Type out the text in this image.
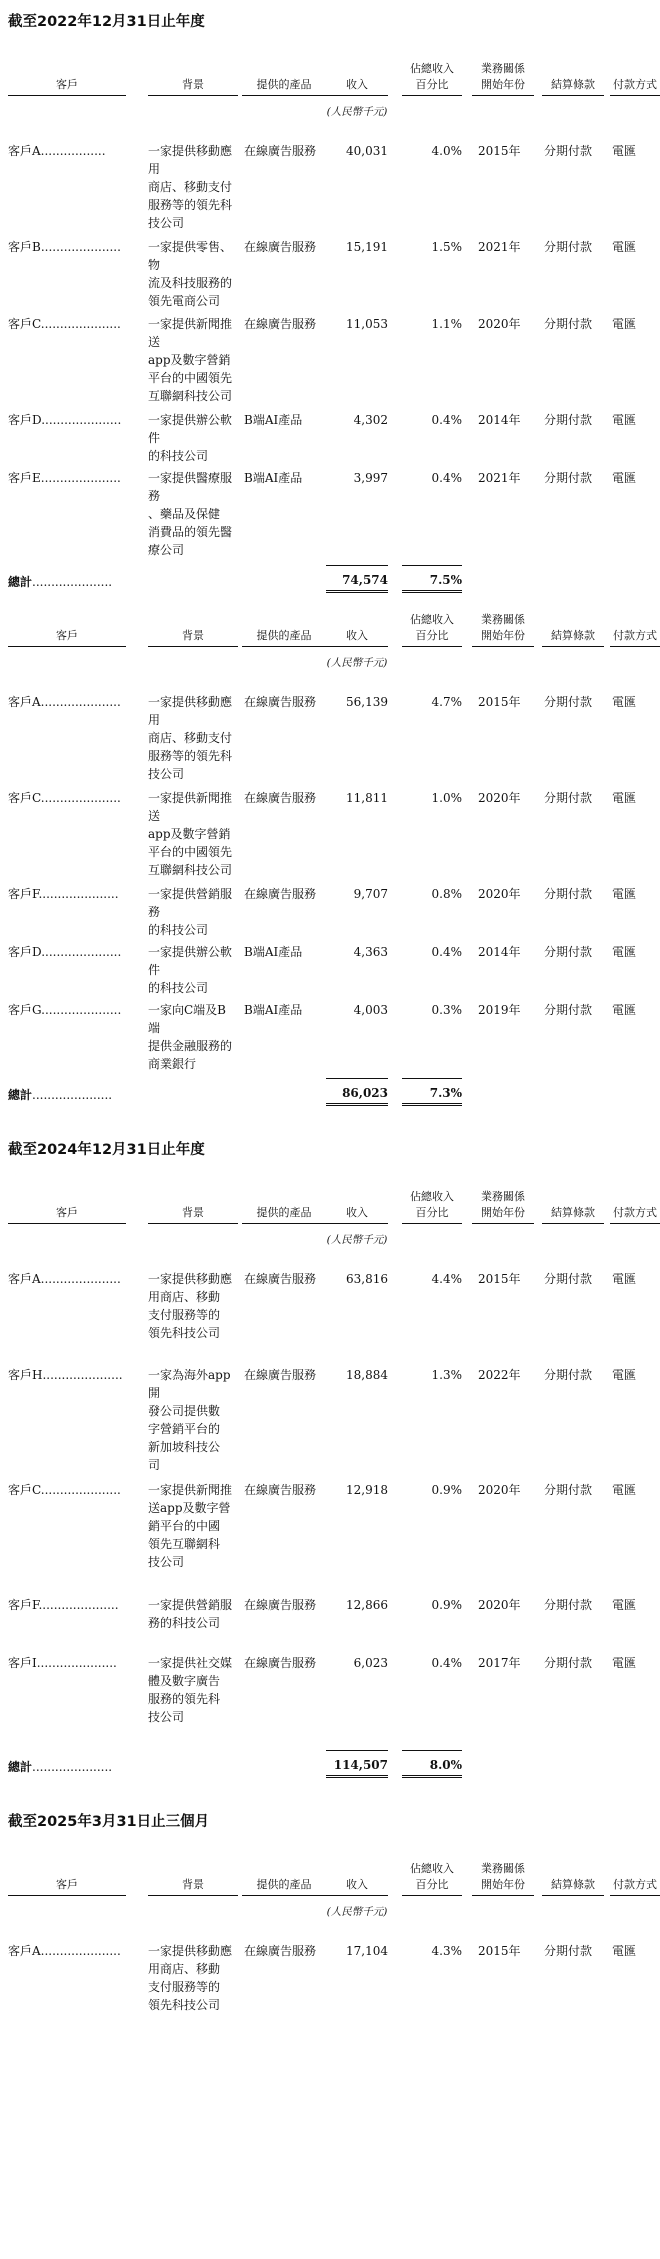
截至2022年12月31日止年度
客戶	背景	提供的產品	收入
佔總收入
百分比
業務關係
開始年份	結算條款	付款方式
(人民幣千元)
客戶A.................	一家提供移動應用
商店、移動支付
服務等的領先科
技公司
在線廣告服務	40,031	4.0% 2015年	分期付款	電匯
客戶B.....................	一家提供零售、物
流及科技服務的
領先電商公司
在線廣告服務	15,191	1.5% 2021年	分期付款	電匯
客戶C.....................	一家提供新聞推送
app及數字營銷
平台的中國領先
互聯網科技公司
在線廣告服務	11,053	1.1% 2020年	分期付款	電匯
客戶D.....................	一家提供辦公軟件
的科技公司
B端AI產品	4,302	0.4% 2014年	分期付款	電匯
客戶E.....................	一家提供醫療服務
、藥品及保健
消費品的領先醫
療公司
B端AI產品	3,997	0.4% 2021年	分期付款	電匯
總計.....................	74,574	7.5%
客戶	背景	提供的產品	收入
佔總收入
百分比
業務關係
開始年份	結算條款	付款方式
(人民幣千元)
客戶A.....................	一家提供移動應用
商店、移動支付
服務等的領先科
技公司
在線廣告服務	56,139	4.7% 2015年	分期付款	電匯
客戶C.....................	一家提供新聞推送
app及數字營銷
平台的中國領先
互聯網科技公司
在線廣告服務	11,811	1.0% 2020年	分期付款	電匯
客戶F.....................	一家提供營銷服務
的科技公司
在線廣告服務	9,707	0.8% 2020年	分期付款	電匯
客戶D.....................	一家提供辦公軟件
的科技公司
B端AI產品	4,363	0.4% 2014年	分期付款	電匯
客戶G.....................	一家向C端及B端
提供金融服務的
商業銀行
B端AI產品	4,003	0.3% 2019年	分期付款	電匯
總計.....................	86,023	7.3%
截至2024年12月31日止年度
客戶	背景	提供的產品	收入
佔總收入
百分比
業務關係
開始年份	結算條款	付款方式
(人民幣千元)
客戶A.....................	一家提供移動應
用商店、移動
支付服務等的
領先科技公司
在線廣告服務	63,816	4.4% 2015年	分期付款	電匯
客戶H.....................	一家為海外app開
發公司提供數
字營銷平台的
新加坡科技公
司
在線廣告服務	18,884	1.3% 2022年	分期付款	電匯
客戶C.....................	一家提供新聞推
送app及數字營
銷平台的中國
領先互聯網科
技公司
在線廣告服務	12,918	0.9% 2020年	分期付款	電匯
客戶F.....................	一家提供營銷服
務的科技公司
在線廣告服務	12,866	0.9% 2020年	分期付款	電匯
客戶I.....................	一家提供社交媒
體及數字廣告
服務的領先科
技公司
在線廣告服務	6,023	0.4% 2017年	分期付款	電匯
總計.....................	114,507	8.0%
截至2025年3月31日止三個月
客戶	背景	提供的產品	收入
佔總收入
百分比
業務關係
開始年份	結算條款	付款方式
(人民幣千元)
客戶A.....................	一家提供移動應
用商店、移動
支付服務等的
領先科技公司
在線廣告服務	17,104	4.3% 2015年	分期付款	電匯
